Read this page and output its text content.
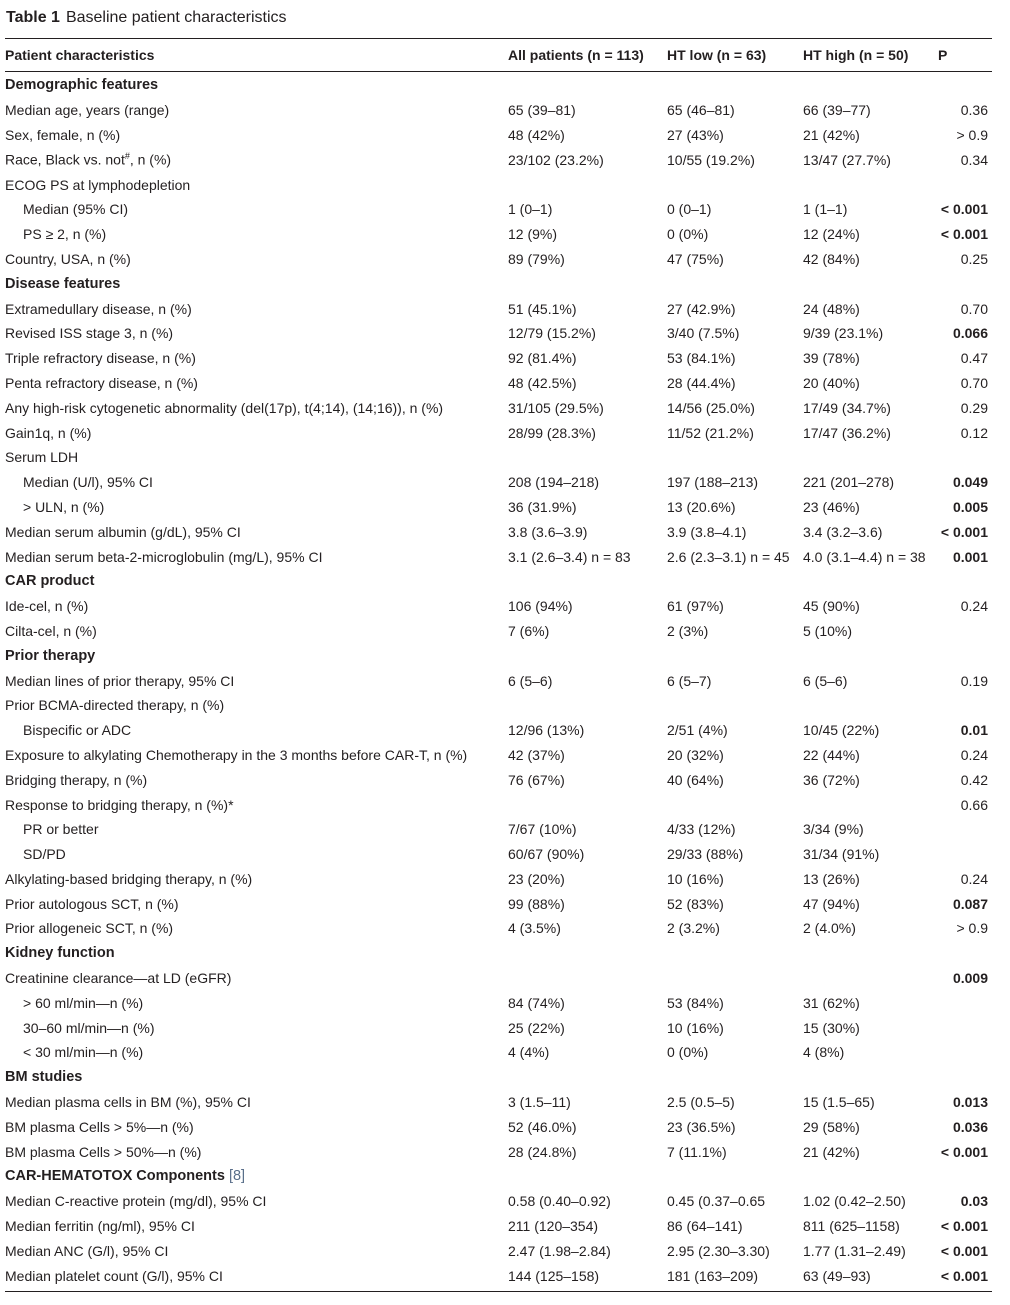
Table 1 Baseline patient characteristics
Patient characteristics	All patients (n = 113)	HT low (n = 63)	HT high (n = 50)	P
Demographic features				
Median age, years (range)	65 (39–81)	65 (46–81)	66 (39–77)	0.36
Sex, female, n (%)	48 (42%)	27 (43%)	21 (42%)	> 0.9
Race, Black vs. not#, n (%)	23/102 (23.2%)	10/55 (19.2%)	13/47 (27.7%)	0.34
ECOG PS at lymphodepletion				
Median (95% CI)	1 (0–1)	0 (0–1)	1 (1–1)	< 0.001
PS ≥ 2, n (%)	12 (9%)	0 (0%)	12 (24%)	< 0.001
Country, USA, n (%)	89 (79%)	47 (75%)	42 (84%)	0.25
Disease features				
Extramedullary disease, n (%)	51 (45.1%)	27 (42.9%)	24 (48%)	0.70
Revised ISS stage 3, n (%)	12/79 (15.2%)	3/40 (7.5%)	9/39 (23.1%)	0.066
Triple refractory disease, n (%)	92 (81.4%)	53 (84.1%)	39 (78%)	0.47
Penta refractory disease, n (%)	48 (42.5%)	28 (44.4%)	20 (40%)	0.70
Any high-risk cytogenetic abnormality (del(17p), t(4;14), (14;16)), n (%)	31/105 (29.5%)	14/56 (25.0%)	17/49 (34.7%)	0.29
Gain1q, n (%)	28/99 (28.3%)	11/52 (21.2%)	17/47 (36.2%)	0.12
Serum LDH				
Median (U/l), 95% CI	208 (194–218)	197 (188–213)	221 (201–278)	0.049
> ULN, n (%)	36 (31.9%)	13 (20.6%)	23 (46%)	0.005
Median serum albumin (g/dL), 95% CI	3.8 (3.6–3.9)	3.9 (3.8–4.1)	3.4 (3.2–3.6)	< 0.001
Median serum beta-2-microglobulin (mg/L), 95% CI	3.1 (2.6–3.4) n = 83	2.6 (2.3–3.1) n = 45	4.0 (3.1–4.4) n = 38	0.001
CAR product				
Ide-cel, n (%)	106 (94%)	61 (97%)	45 (90%)	0.24
Cilta-cel, n (%)	7 (6%)	2 (3%)	5 (10%)	
Prior therapy				
Median lines of prior therapy, 95% CI	6 (5–6)	6 (5–7)	6 (5–6)	0.19
Prior BCMA-directed therapy, n (%)				
Bispecific or ADC	12/96 (13%)	2/51 (4%)	10/45 (22%)	0.01
Exposure to alkylating Chemotherapy in the 3 months before CAR-T, n (%)	42 (37%)	20 (32%)	22 (44%)	0.24
Bridging therapy, n (%)	76 (67%)	40 (64%)	36 (72%)	0.42
Response to bridging therapy, n (%)*				0.66
PR or better	7/67 (10%)	4/33 (12%)	3/34 (9%)	
SD/PD	60/67 (90%)	29/33 (88%)	31/34 (91%)	
Alkylating-based bridging therapy, n (%)	23 (20%)	10 (16%)	13 (26%)	0.24
Prior autologous SCT, n (%)	99 (88%)	52 (83%)	47 (94%)	0.087
Prior allogeneic SCT, n (%)	4 (3.5%)	2 (3.2%)	2 (4.0%)	> 0.9
Kidney function				
Creatinine clearance—at LD (eGFR)				0.009
> 60 ml/min—n (%)	84 (74%)	53 (84%)	31 (62%)	
30–60 ml/min—n (%)	25 (22%)	10 (16%)	15 (30%)	
< 30 ml/min—n (%)	4 (4%)	0 (0%)	4 (8%)	
BM studies				
Median plasma cells in BM (%), 95% CI	3 (1.5–11)	2.5 (0.5–5)	15 (1.5–65)	0.013
BM plasma Cells > 5%—n (%)	52 (46.0%)	23 (36.5%)	29 (58%)	0.036
BM plasma Cells > 50%—n (%)	28 (24.8%)	7 (11.1%)	21 (42%)	< 0.001
CAR-HEMATOTOX Components [8]				
Median C-reactive protein (mg/dl), 95% CI	0.58 (0.40–0.92)	0.45 (0.37–0.65	1.02 (0.42–2.50)	0.03
Median ferritin (ng/ml), 95% CI	211 (120–354)	86 (64–141)	811 (625–1158)	< 0.001
Median ANC (G/l), 95% CI	2.47 (1.98–2.84)	2.95 (2.30–3.30)	1.77 (1.31–2.49)	< 0.001
Median platelet count (G/l), 95% CI	144 (125–158)	181 (163–209)	63 (49–93)	< 0.001
